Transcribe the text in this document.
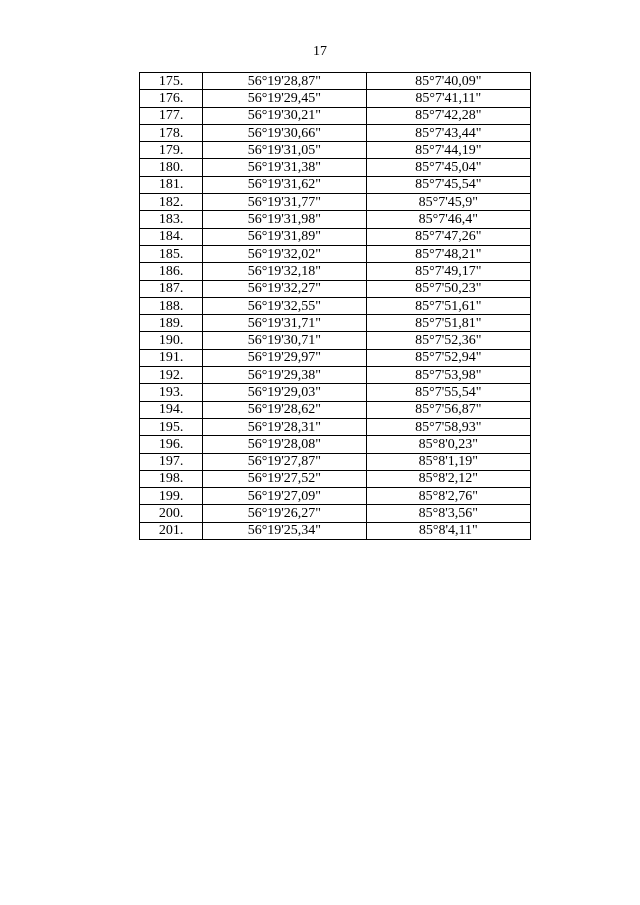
17
175.	56°19'28,87"	85°7'40,09"
176.	56°19'29,45"	85°7'41,11"
177.	56°19'30,21"	85°7'42,28"
178.	56°19'30,66"	85°7'43,44"
179.	56°19'31,05"	85°7'44,19"
180.	56°19'31,38"	85°7'45,04"
181.	56°19'31,62"	85°7'45,54"
182.	56°19'31,77"	85°7'45,9"
183.	56°19'31,98"	85°7'46,4"
184.	56°19'31,89"	85°7'47,26"
185.	56°19'32,02"	85°7'48,21"
186.	56°19'32,18"	85°7'49,17"
187.	56°19'32,27"	85°7'50,23"
188.	56°19'32,55"	85°7'51,61"
189.	56°19'31,71"	85°7'51,81"
190.	56°19'30,71"	85°7'52,36"
191.	56°19'29,97"	85°7'52,94"
192.	56°19'29,38"	85°7'53,98"
193.	56°19'29,03"	85°7'55,54"
194.	56°19'28,62"	85°7'56,87"
195.	56°19'28,31"	85°7'58,93"
196.	56°19'28,08"	85°8'0,23"
197.	56°19'27,87"	85°8'1,19"
198.	56°19'27,52"	85°8'2,12"
199.	56°19'27,09"	85°8'2,76"
200.	56°19'26,27"	85°8'3,56"
201.	56°19'25,34"	85°8'4,11"
